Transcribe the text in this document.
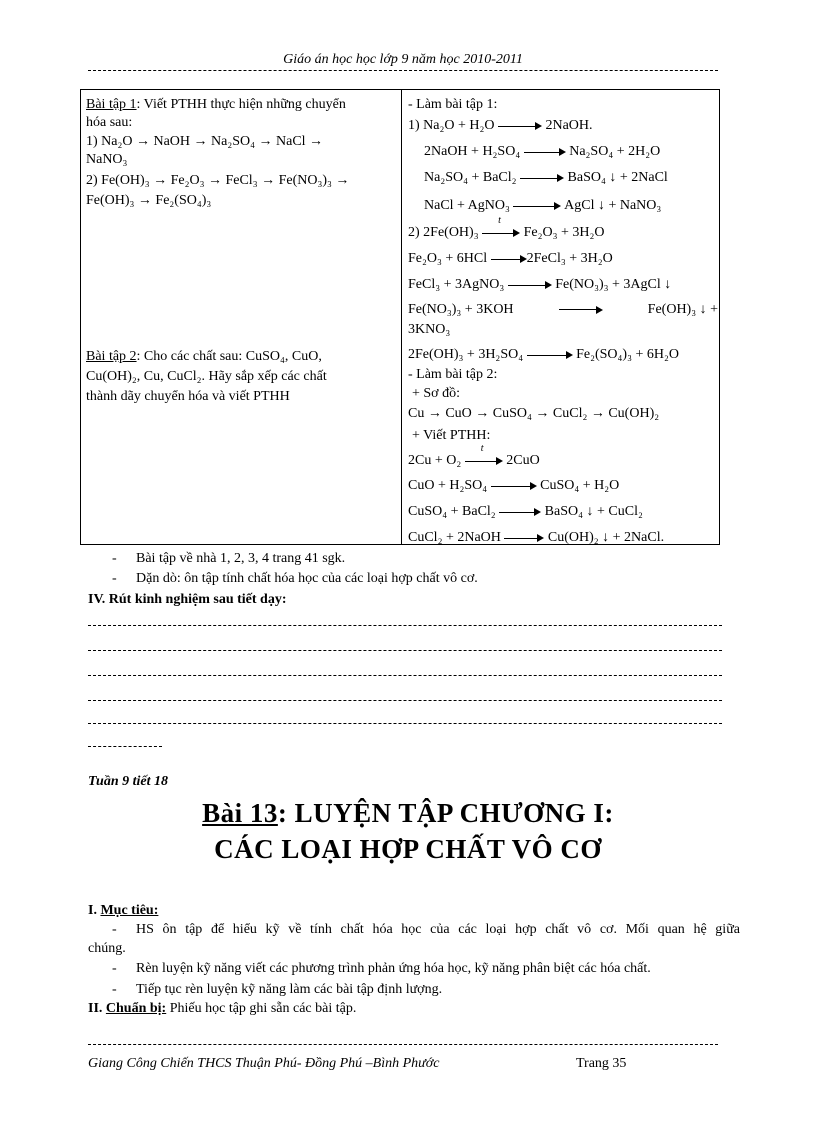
Giáo án học học lớp 9 năm học 2010-2011
Bài tập 1: Viết PTHH thực hiện những chuyển
hóa sau:
1) Na₂O → NaOH → Na₂SO₄ → NaCl →
NaNO₃
2) Fe(OH)₃ → Fe₂O₃ → FeCl₃ → Fe(NO₃)₃ →
Fe(OH)₃ → Fe₂(SO₄)₃
Bài tập 2: Cho các chất sau: CuSO₄, CuO,
Cu(OH)₂, Cu, CuCl₂. Hãy sắp xếp các chất
thành dãy chuyển hóa và viết PTHH
- Làm bài tập 1:
1) Na₂O + H₂O	2NaOH.
2NaOH + H₂SO₄	Na₂SO₄ + 2H₂O
Na₂SO₄ + BaCl₂	BaSO₄ ↓ + 2NaCl
NaCl + AgNO₃	AgCl ↓ + NaNO₃
2) 2Fe(OH)₃
t
Fe₂O₃ + 3H₂O
Fe₂O₃ + 6HCl	2FeCl₃ + 3H₂O
FeCl₃ + 3AgNO₃	Fe(NO₃)₃ + 3AgCl ↓
Fe(NO₃)₃ + 3KOH	Fe(OH)₃ ↓ +
3KNO₃
2Fe(OH)₃ + 3H₂SO₄	Fe₂(SO₄)₃ + 6H₂O
- Làm bài tập 2:
+ Sơ đồ:
Cu → CuO → CuSO₄ → CuCl₂ → Cu(OH)₂
+ Viết PTHH:
2Cu + O₂
t
2CuO
CuO + H₂SO₄	CuSO₄ + H₂O
CuSO₄ + BaCl₂	BaSO₄ ↓ + CuCl₂
CuCl₂ + 2NaOH	Cu(OH)₂ ↓ + 2NaCl.
- Bài tập về nhà 1, 2, 3, 4 trang 41 sgk.
- Dặn dò: ôn tập tính chất hóa học của các loại hợp chất vô cơ.
IV. Rút kinh nghiệm sau tiết dạy:
Tuần 9 tiết 18
Bài 13: LUYỆN TẬP CHƯƠNG I:
CÁC LOẠI HỢP CHẤT VÔ CƠ
I. Mục tiêu:
- HS ôn tập để hiểu kỹ về tính chất hóa học của các loại hợp chất vô cơ. Mối quan hệ giữa
chúng.
- Rèn luyện kỹ năng viết các phương trình phản ứng hóa học, kỹ năng phân biệt các hóa chất.
- Tiếp tục rèn luyện kỹ năng làm các bài tập định lượng.
II. Chuẩn bị: Phiếu học tập ghi sẵn các bài tập.
Giang Công Chiến THCS Thuận Phú- Đồng Phú –Bình Phước	Trang 35
